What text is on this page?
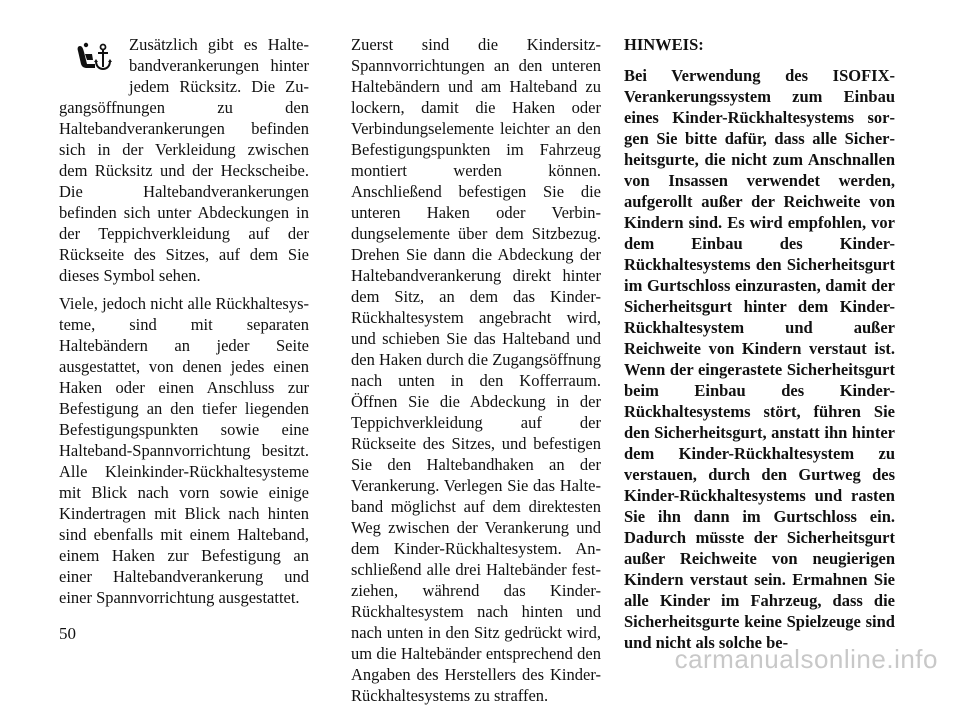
Zusätzlich gibt es Haltebandverankerungen hinter jedem Rücksitz. Die Zugangsöffnungen zu den Haltebandverankerungen befinden sich in der Verkleidung zwischen dem Rücksitz und der Heckscheibe. Die Haltebandverankerungen befinden sich unter Abdeckungen in der Teppichverkleidung auf der Rückseite des Sitzes, auf dem Sie dieses Symbol sehen.

Viele, jedoch nicht alle Rückhaltesysteme, sind mit separaten Haltebändern an jeder Seite ausgestattet, von denen jedes einen Haken oder einen Anschluss zur Befestigung an den tiefer liegenden Befestigungspunkten sowie eine Halteband-Spannvorrichtung besitzt. Alle Kleinkinder-Rückhaltesysteme mit Blick nach vorn sowie einige Kindertragen mit Blick nach hinten sind ebenfalls mit einem Halteband, einem Haken zur Befestigung an einer Haltebandverankerung und einer Spannvorrichtung ausgestattet.

Zuerst sind die Kindersitz-Spannvorrichtungen an den unteren Haltebändern und am Halteband zu lockern, damit die Haken oder Verbindungselemente leichter an den Befestigungspunkten im Fahrzeug montiert werden können. Anschließend befestigen Sie die unteren Haken oder Verbindungselemente über dem Sitzbezug. Drehen Sie dann die Abdeckung der Haltebandverankerung direkt hinter dem Sitz, an dem das Kinder-Rückhaltesystem angebracht wird, und schieben Sie das Halteband und den Haken durch die Zugangsöffnung nach unten in den Kofferraum. Öffnen Sie die Abdeckung in der Teppichverkleidung auf der Rückseite des Sitzes, und befestigen Sie den Haltebandhaken an der Verankerung. Verlegen Sie das Halteband möglichst auf dem direktesten Weg zwischen der Verankerung und dem Kinder-Rückhaltesystem. Anschließend alle drei Haltebänder festziehen, während das Kinder-Rückhaltesystem nach hinten und nach unten in den Sitz gedrückt wird, um die Haltebänder entsprechend den Angaben des Herstellers des Kinder-Rückhaltesystems zu straffen.

HINWEIS:

Bei Verwendung des ISOFIX-Verankerungssystem zum Einbau eines Kinder-Rückhaltesystems sorgen Sie bitte dafür, dass alle Sicherheitsgurte, die nicht zum Anschnallen von Insassen verwendet werden, aufgerollt außer der Reichweite von Kindern sind. Es wird empfohlen, vor dem Einbau des Kinder-Rückhaltesystems den Sicherheitsgurt im Gurtschloss einzurasten, damit der Sicherheitsgurt hinter dem Kinder-Rückhaltesystem und außer Reichweite von Kindern verstaut ist. Wenn der eingerastete Sicherheitsgurt beim Einbau des Kinder-Rückhaltesystems stört, führen Sie den Sicherheitsgurt, anstatt ihn hinter dem Kinder-Rückhaltesystem zu verstauen, durch den Gurtweg des Kinder-Rückhaltesystems und rasten Sie ihn dann im Gurtschloss ein. Dadurch müsste der Sicherheitsgurt außer Reichweite von neugierigen Kindern verstaut sein. Ermahnen Sie alle Kinder im Fahrzeug, dass die Sicherheitsgurte keine Spielzeuge sind und nicht als solche be-

50
carmanualsonline.info
